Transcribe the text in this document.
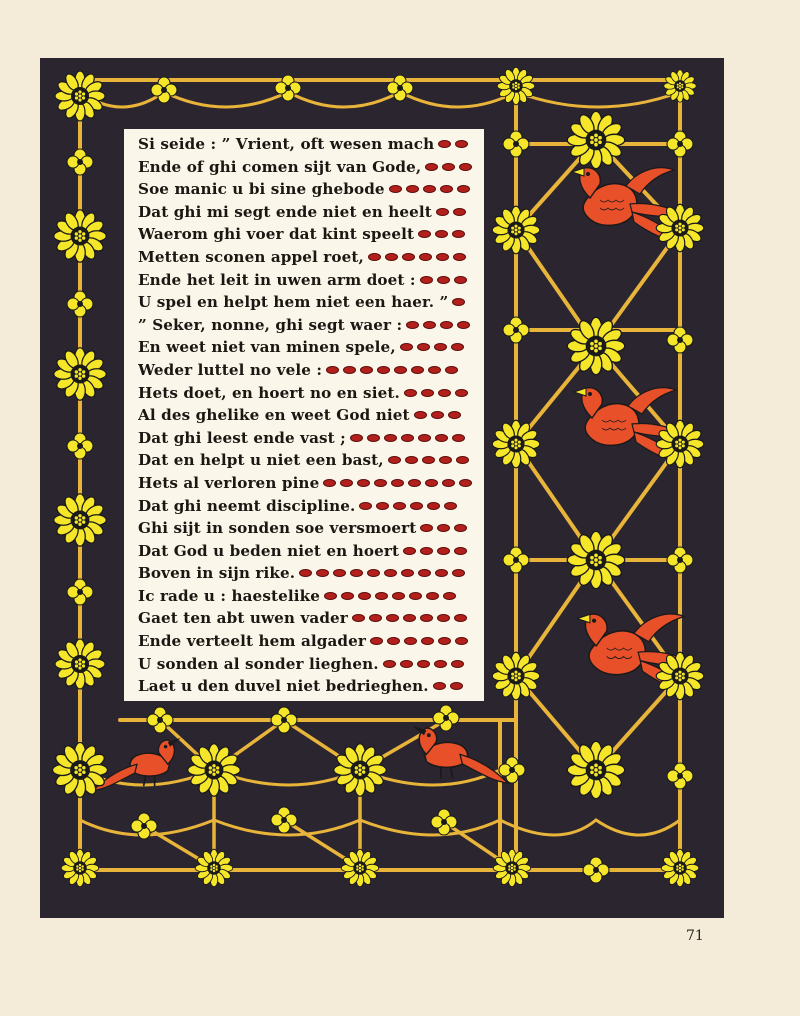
Si seide : ” Vrient, oft wesen mach
Ende of ghi comen sijt van Gode,
Soe manic u bi sine ghebode
Dat ghi mi segt ende niet en heelt
Waerom ghi voer dat kint speelt
Metten sconen appel roet,
Ende het leit in uwen arm doet :
U spel en helpt hem niet een haer. ”
” Seker, nonne, ghi segt waer :
En weet niet van minen spele,
Weder luttel no vele :
Hets doet, en hoert no en siet.
Al des ghelike en weet God niet
Dat ghi leest ende vast ;
Dat en helpt u niet een bast,
Hets al verloren pine
Dat ghi neemt discipline.
Ghi sijt in sonden soe versmoert
Dat God u beden niet en hoert
Boven in sijn rike.
Ic rade u : haestelike
Gaet ten abt uwen vader
Ende verteelt hem algader
U sonden al sonder lieghen.
Laet u den duvel niet bedrieghen.
71
